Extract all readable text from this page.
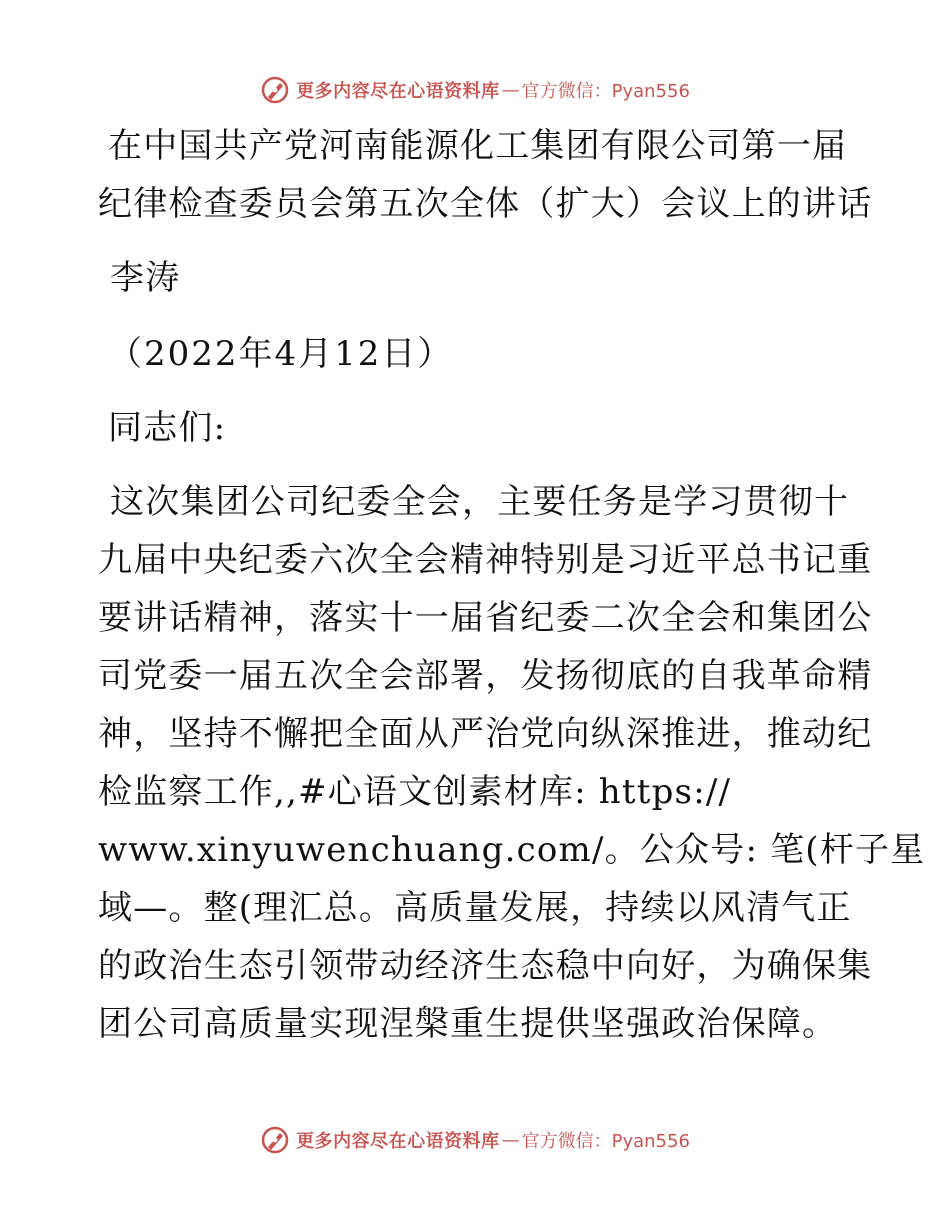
更多内容尽在心语资料库 — 官方微信：Pyan556
在中国共产党河南能源化工集团有限公司第一届
纪律检查委员会第五次全体（扩大）会议上的讲话
李涛
（2022年4月12日）
同志们:
这次集团公司纪委全会，主要任务是学习贯彻十
九届中央纪委六次全会精神特别是习近平总书记重
要讲话精神，落实十一届省纪委二次全会和集团公
司党委一届五次全会部署，发扬彻底的自我革命精
神，坚持不懈把全面从严治党向纵深推进，推动纪
检监察工作,,#心语文创素材库: https://
www.xinyuwenchuang.com/。公众号: 笔(杆子星
域—。整(理汇总。高质量发展，持续以风清气正
的政治生态引领带动经济生态稳中向好，为确保集
团公司高质量实现涅槃重生提供坚强政治保障。
更多内容尽在心语资料库 — 官方微信：Pyan556
